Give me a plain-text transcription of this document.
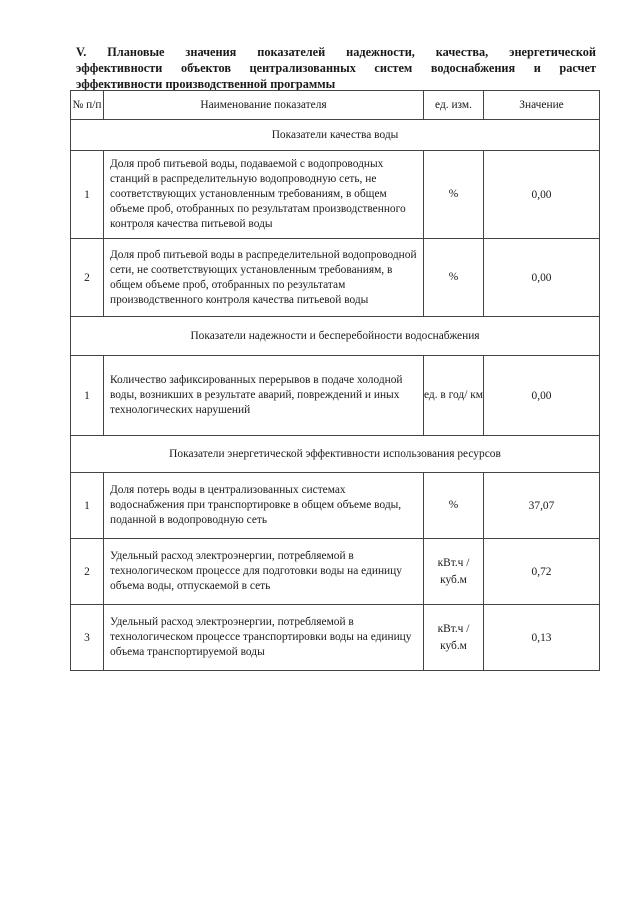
V. Плановые значения показателей надежности, качества, энергетической
эффективности объектов централизованных систем водоснабжения и расчет
эффективности производственной программы
№ п/п	Наименование показателя	ед. изм.	Значение
Показатели качества воды			
1	Доля проб питьевой воды, подаваемой с водопроводных станций в распределительную водопроводную сеть, не соответствующих установленным требованиям, в общем объеме проб, отобранных по результатам производственного контроля качества питьевой воды	%	0,00
2	Доля проб питьевой воды в распределительной водопроводной сети, не соответствующих установленным требованиям, в общем объеме проб, отобранных по результатам производственного контроля качества питьевой воды	%	0,00
Показатели надежности и бесперебойности водоснабжения			
1	Количество зафиксированных перерывов в подаче холодной воды, возникших в результате аварий, повреждений и иных технологических нарушений	ед. в год/ км	0,00
Показатели энергетической эффективности использования ресурсов			
1	Доля потерь воды в централизованных системах водоснабжения при транспортировке в общем объеме воды, поданной в водопроводную сеть	%	37,07
2	Удельный расход электроэнергии, потребляемой в технологическом процессе для подготовки воды на единицу объема воды, отпускаемой в сеть	кВт.ч / куб.м	0,72
3	Удельный расход электроэнергии, потребляемой в технологическом процессе транспортировки воды на единицу объема транспортируемой воды	кВт.ч / куб.м	0,13
